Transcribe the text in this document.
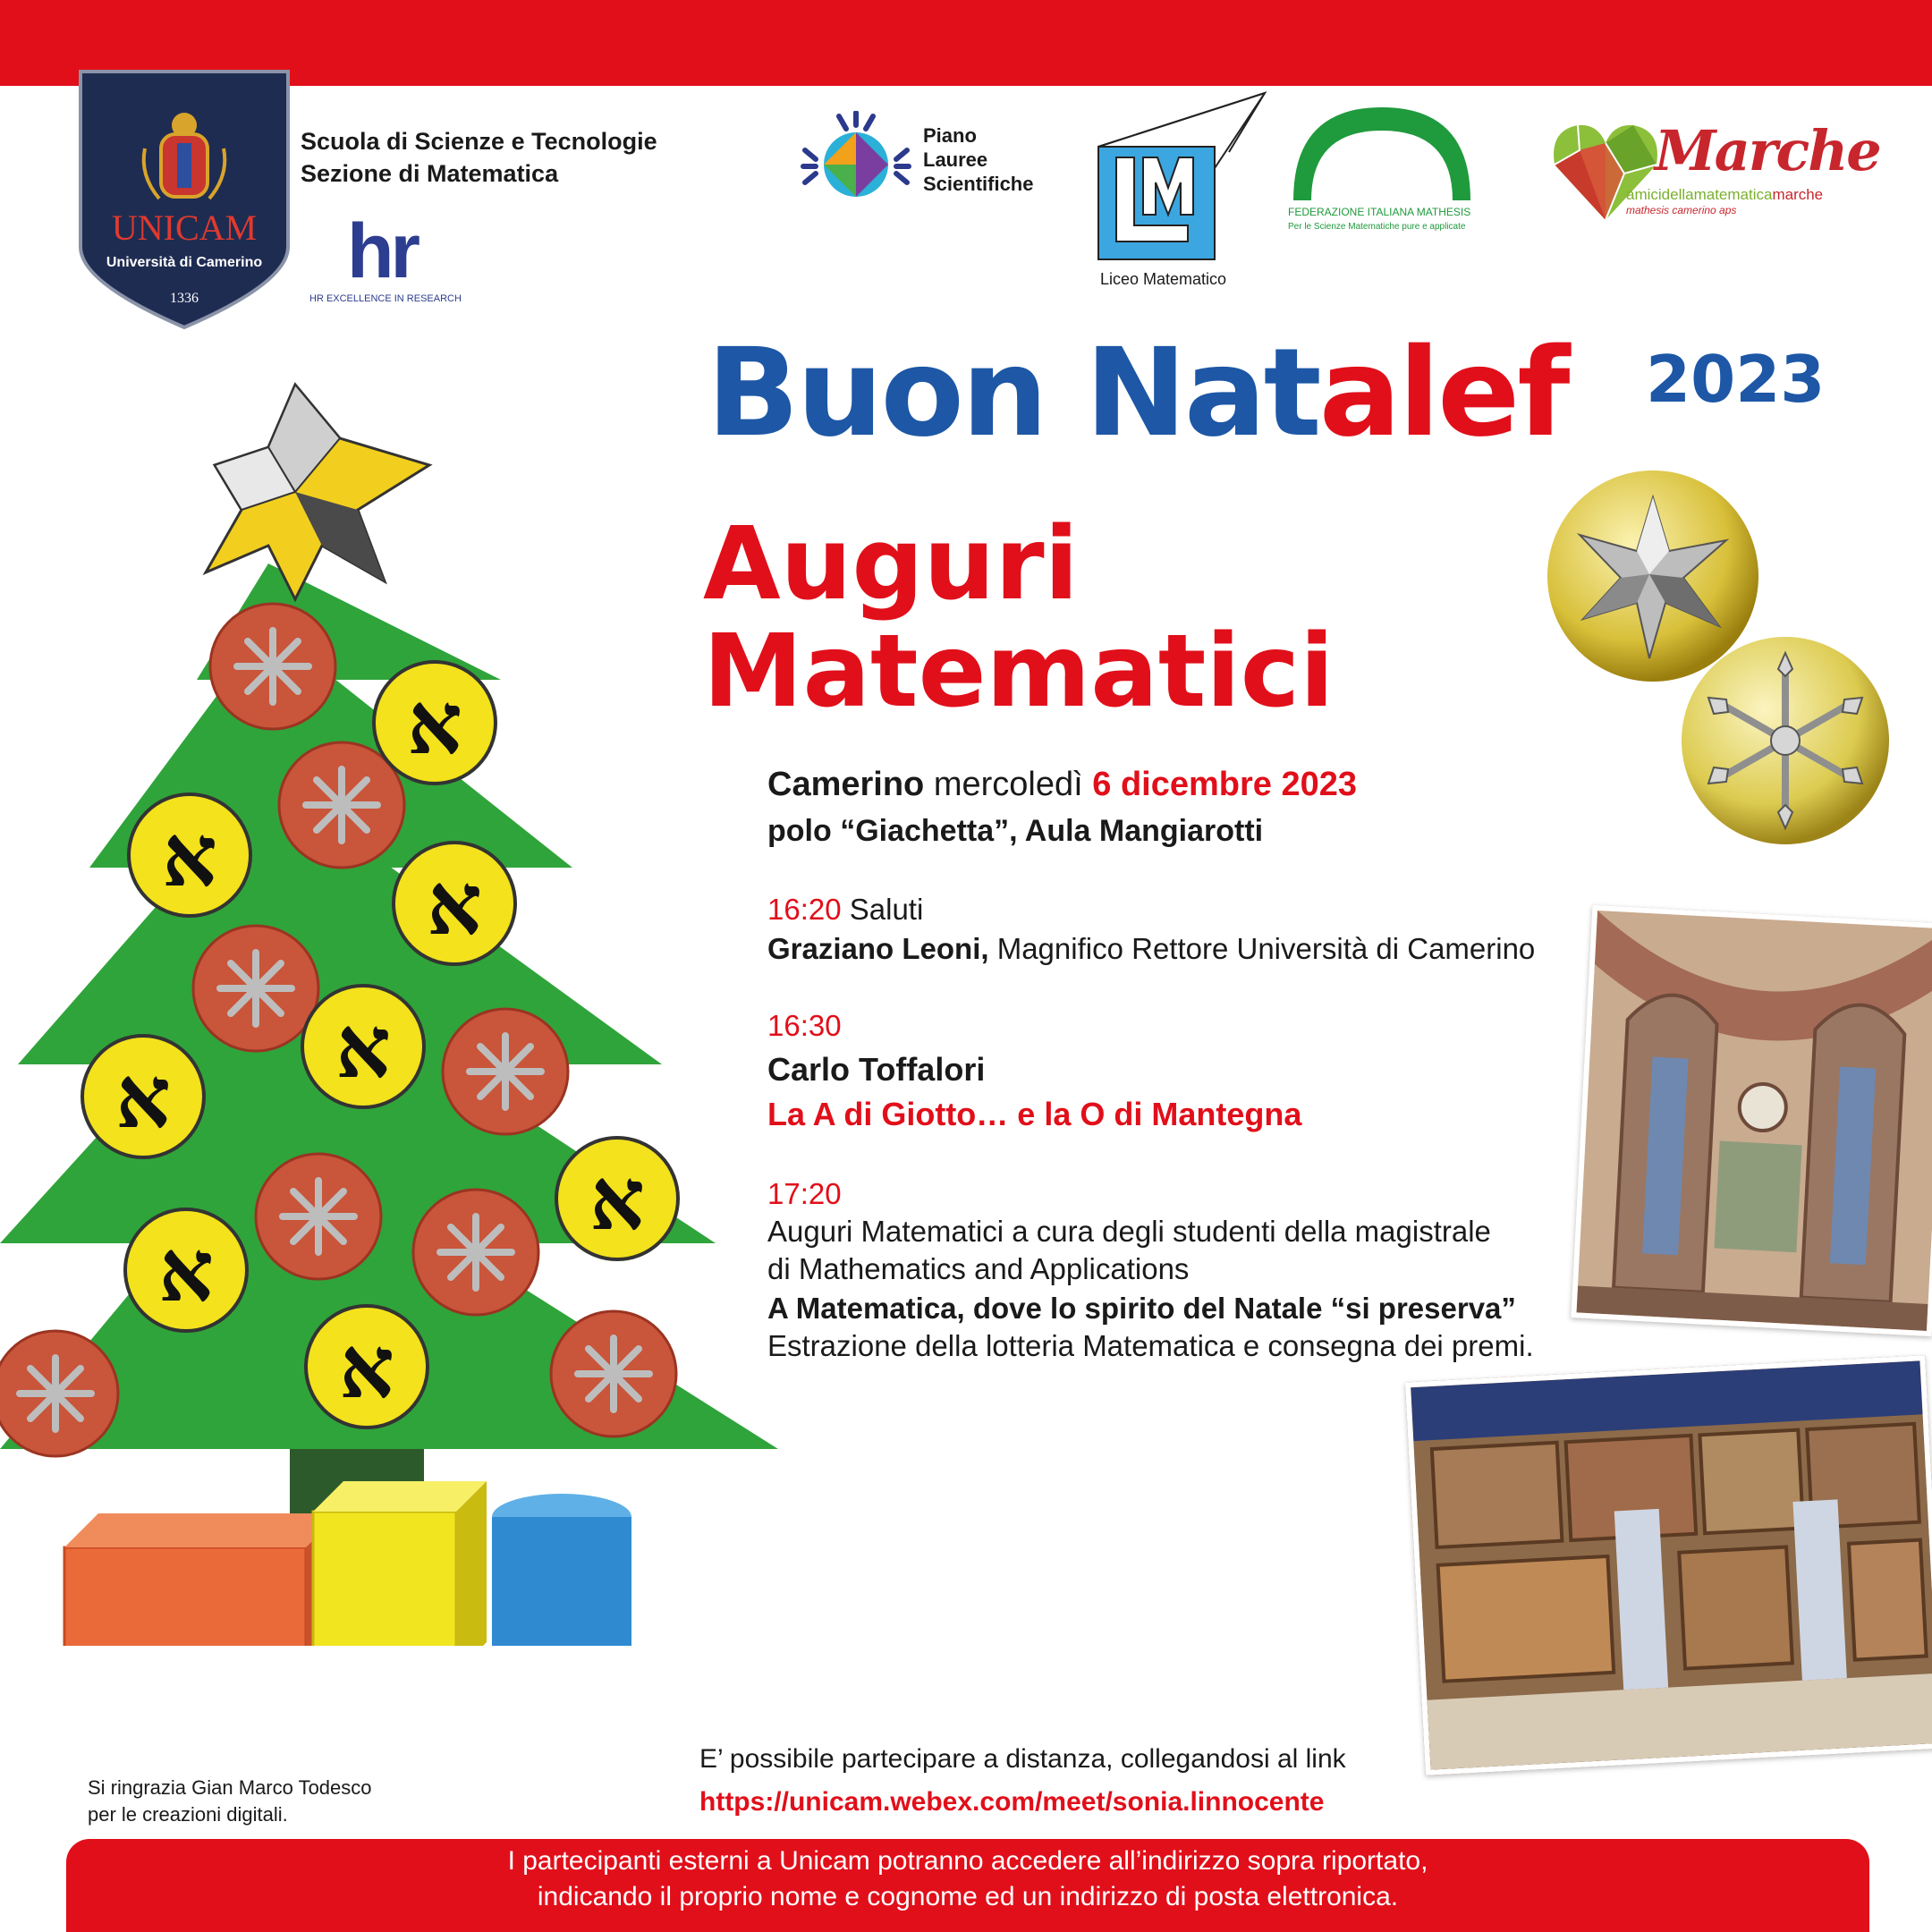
UNICAM
Università di Camerino
1336
Scuola di Scienze e Tecnologie
Sezione di Matematica
hr
HR EXCELLENCE IN RESEARCH
Piano
Lauree
Scientifiche
Liceo Matematico
FEDERAZIONE ITALIANA MATHESIS
Per le Scienze Matematiche pure e applicate
Marche
amicidellamatematicamarche
mathesis camerino aps
Buon Natalef 2023
Auguri
Matematici
א
א א
א
א
א
א
א
Camerino mercoledì 6 dicembre 2023
polo “Giachetta”, Aula Mangiarotti
16:20 Saluti
Graziano Leoni, Magnifico Rettore Università di Camerino
16:30
Carlo Toffalori
La A di Giotto… e la O di Mantegna
17:20
Auguri Matematici a cura degli studenti della magistrale
di Mathematics and Applications
A Matematica, dove lo spirito del Natale “si preserva”
Estrazione della lotteria Matematica e consegna dei premi.
E’ possibile partecipare a distanza, collegandosi al link
https://unicam.webex.com/meet/sonia.linnocente
Si ringrazia Gian Marco Todesco
per le creazioni digitali.
I partecipanti esterni a Unicam potranno accedere all’indirizzo sopra riportato,
indicando il proprio nome e cognome ed un indirizzo di posta elettronica.
